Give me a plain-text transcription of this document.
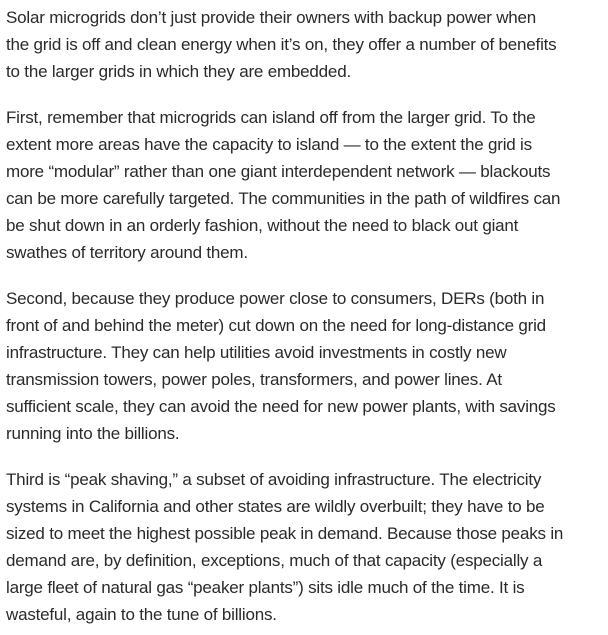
Solar microgrids don’t just provide their owners with backup power when
the grid is off and clean energy when it’s on, they offer a number of benefits
to the larger grids in which they are embedded.

First, remember that microgrids can island off from the larger grid. To the
extent more areas have the capacity to island — to the extent the grid is
more “modular” rather than one giant interdependent network — blackouts
can be more carefully targeted. The communities in the path of wildfires can
be shut down in an orderly fashion, without the need to black out giant
swathes of territory around them.

Second, because they produce power close to consumers, DERs (both in
front of and behind the meter) cut down on the need for long-distance grid
infrastructure. They can help utilities avoid investments in costly new
transmission towers, power poles, transformers, and power lines. At
sufficient scale, they can avoid the need for new power plants, with savings
running into the billions.

Third is “peak shaving,” a subset of avoiding infrastructure. The electricity
systems in California and other states are wildly overbuilt; they have to be
sized to meet the highest possible peak in demand. Because those peaks in
demand are, by definition, exceptions, much of that capacity (especially a
large fleet of natural gas “peaker plants”) sits idle much of the time. It is
wasteful, again to the tune of billions.
